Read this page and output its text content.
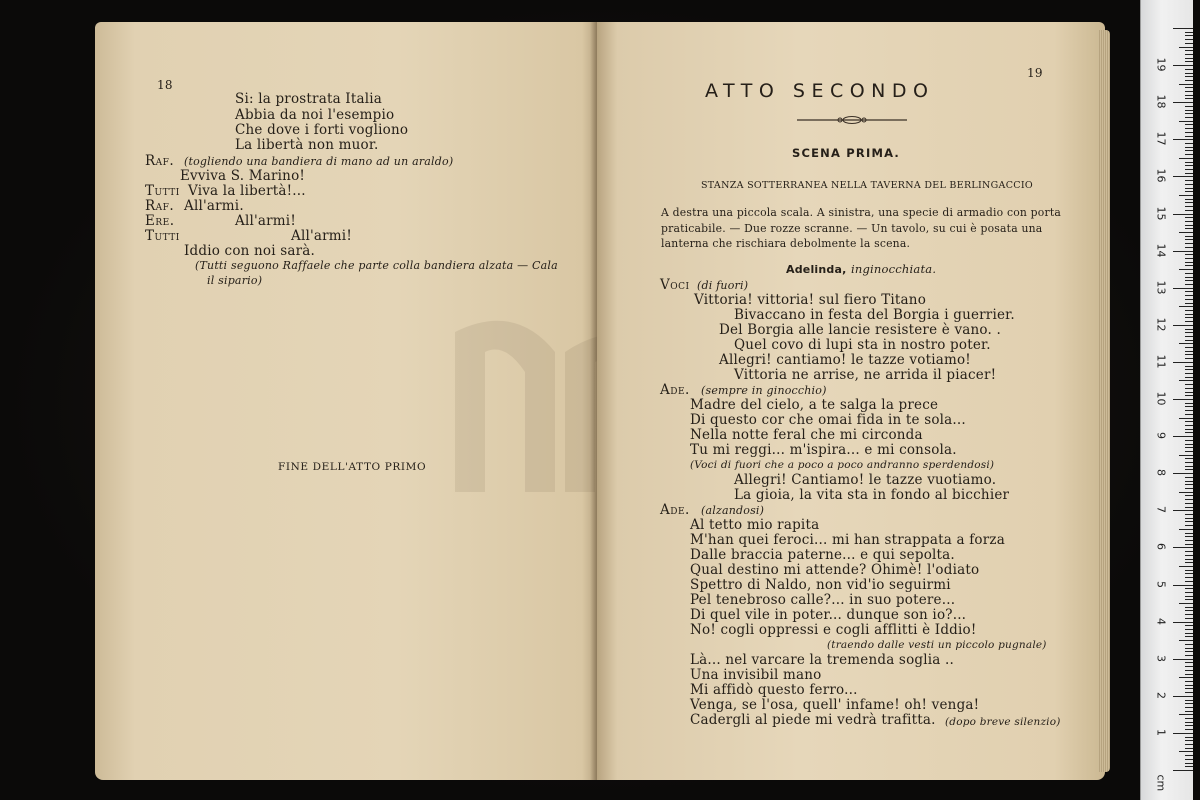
18
Si: la prostrata Italia
Abbia da noi l'esempio
Che dove i forti vogliono
La libertà non muor.
Raf. (togliendo una bandiera di mano ad un araldo)
Evviva S. Marino!
Tutti Viva la libertà!...
Raf. All'armi.
Ere.	All'armi!
Tutti	All'armi!
Iddio con noi sarà.
(Tutti seguono Raffaele che parte colla bandiera alzata — Cala
il sipario)
FINE DELL'ATTO PRIMO
19
ATTO SECONDO
SCENA PRIMA.
STANZA SOTTERRANEA NELLA TAVERNA DEL BERLINGACCIO
A destra una piccola scala. A sinistra, una specie di armadio con porta
praticabile. — Due rozze scranne. — Un tavolo, su cui è posata una
lanterna che rischiara debolmente la scena.
Adelinda, inginocchiata.
Voci (di fuori)
Vittoria! vittoria! sul fiero Titano
Bivaccano in festa del Borgia i guerrier.
Del Borgia alle lancie resistere è vano. .
Quel covo di lupi sta in nostro poter.
Allegri! cantiamo! le tazze votiamo!
Vittoria ne arrise, ne arrida il piacer!
Ade. (sempre in ginocchio)
Madre del cielo, a te salga la prece
Di questo cor che omai fida in te sola...
Nella notte feral che mi circonda
Tu mi reggi... m'ispira... e mi consola.
(Voci di fuori che a poco a poco andranno sperdendosi)
Allegri! Cantiamo! le tazze vuotiamo.
La gioia, la vita sta in fondo al bicchier
Ade. (alzandosi)
Al tetto mio rapita
M'han quei feroci... mi han strappata a forza
Dalle braccia paterne... e qui sepolta.
Qual destino mi attende? Ohimè! l'odiato
Spettro di Naldo, non vid'io seguirmi
Pel tenebroso calle?... in suo potere...
Di quel vile in poter... dunque son io?...
No! cogli oppressi e cogli afflitti è Iddio!
(traendo dalle vesti un piccolo pugnale)
Là... nel varcare la tremenda soglia ..
Una invisibil mano
Mi affidò questo ferro...
Venga, se l'osa, quell' infame! oh! venga!
Cadergli al piede mi vedrà trafitta. (dopo breve silenzio)
1
2
3
4
5
6
7
8
9
10
11
12
13
14
15
16
17
18
19
cm
